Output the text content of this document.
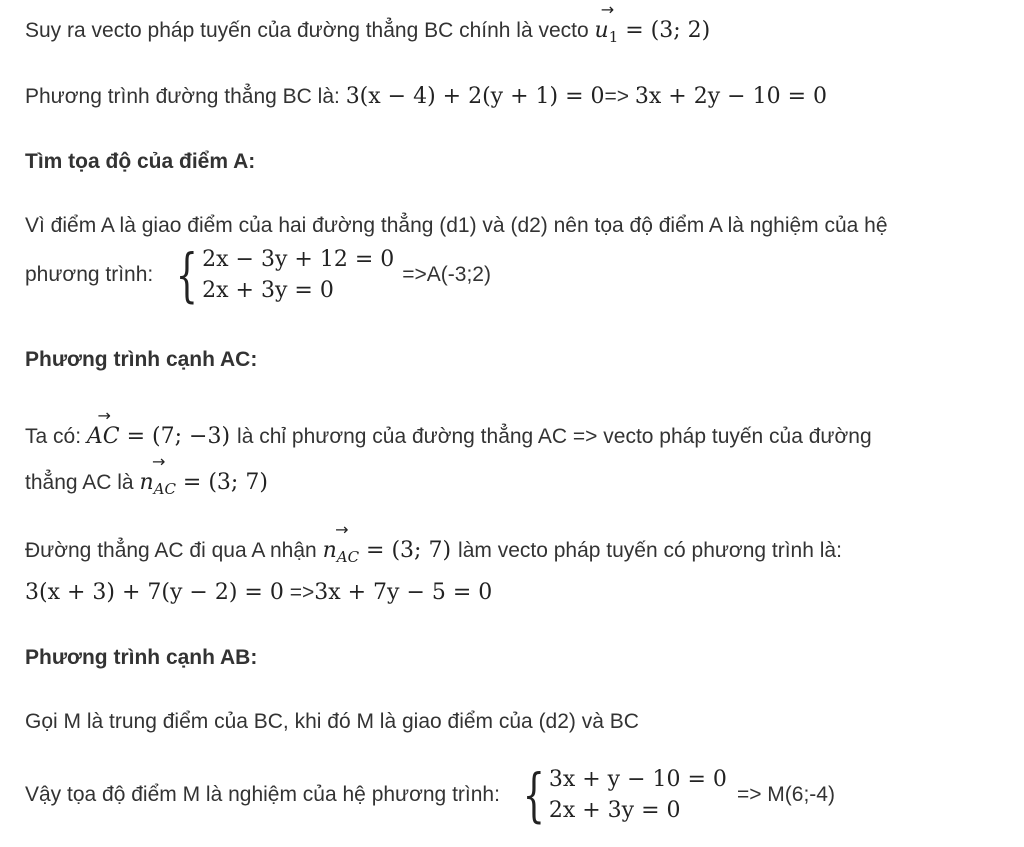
Suy ra vecto pháp tuyến của đường thẳng BC chính là vecto
→
$u_1 = (3$; 2)
Phương trình đường thẳng BC là: 3(x − 4) + 2(y + 1) = 0=> 3x + 2y − 10 = 0
Tìm tọa độ của điểm A:
Vì điểm A là giao điểm của hai đường thẳng (d1) và (d2) nên tọa độ điểm A là nghiệm của hệ
phương trình: { 2x − 3y + 12 = 0
2x + 3y = 0
=>A(-3;2)
Phương trình cạnh AC:
Ta có:
→
AC = (7; −3) là chỉ phương của đường thẳng AC => vecto pháp tuyến của đường
thẳng AC là
→
$n_{AC} = (3$; 7)
Đường thẳng AC đi qua A nhận
→
$n_{AC} = (3$; 7) làm vecto pháp tuyến có phương trình là:
3(x + 3) + 7(y − 2) = 0 =>3x + 7y − 5 = 0
Phương trình cạnh AB:
Gọi M là trung điểm của BC, khi đó M là giao điểm của (d2) và BC
Vậy tọa độ điểm M là nghiệm của hệ phương trình: { 3x + y − 10 = 0
2x + 3y = 0
=> M(6;-4)
